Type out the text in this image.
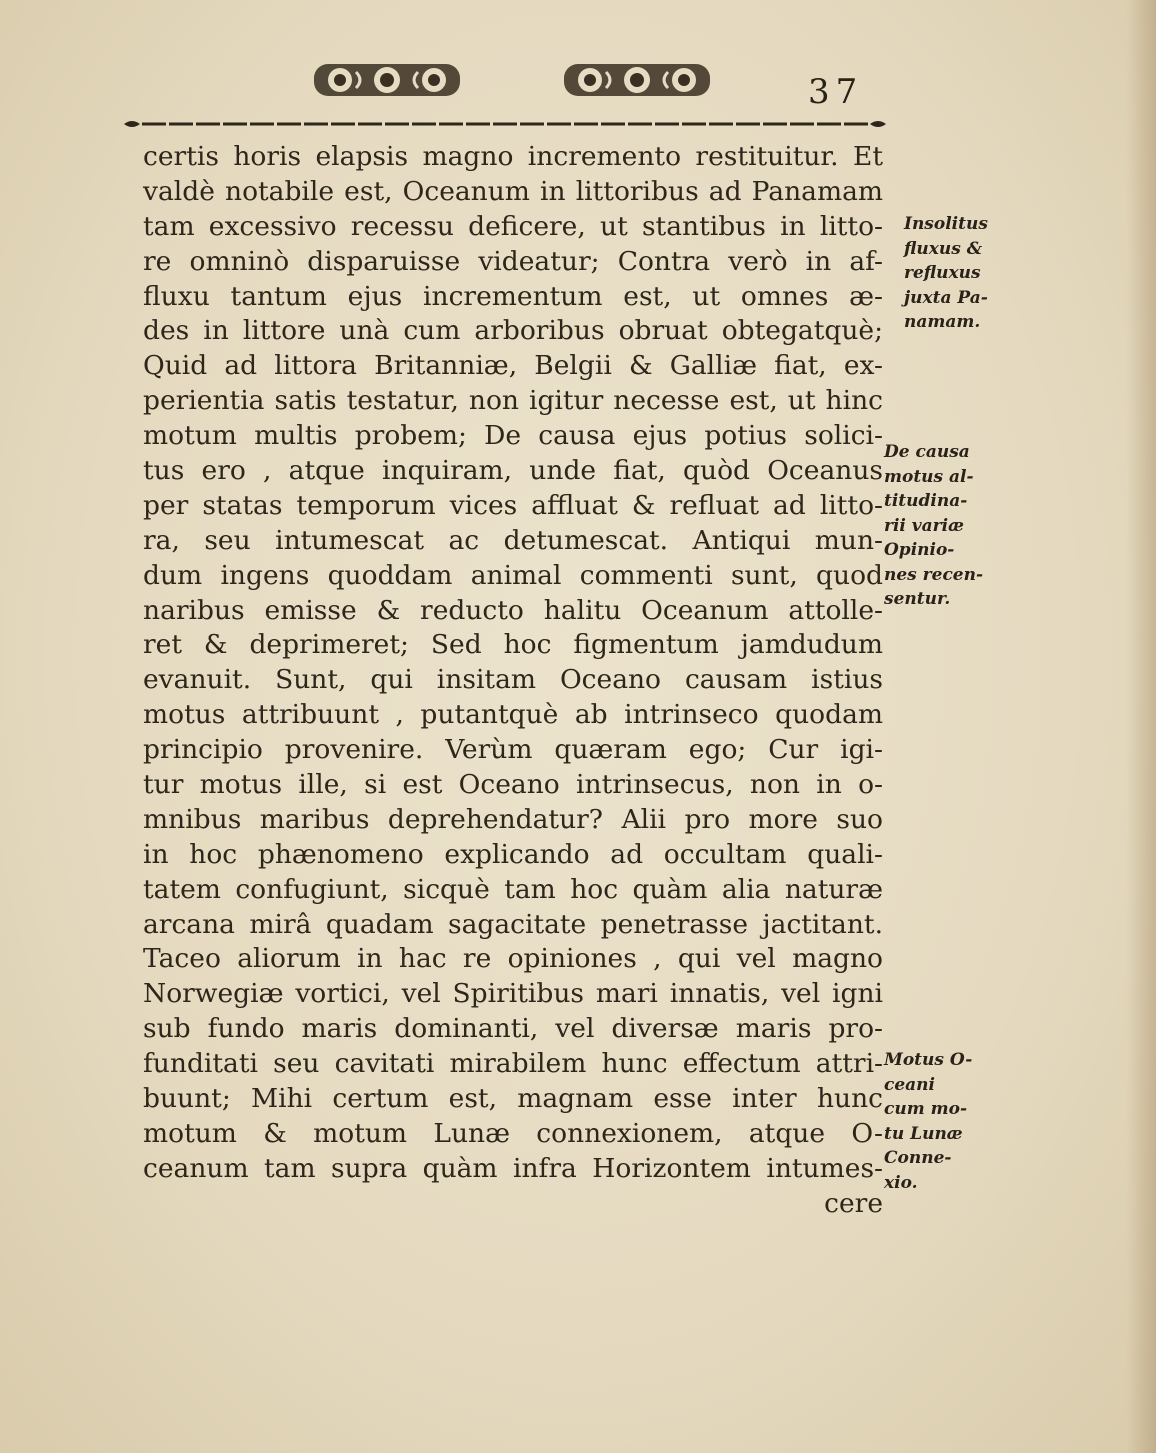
37
certis horis elapsis magno incremento restituitur. Et
valdè notabile est, Oceanum in littoribus ad Panamam
tam excessivo recessu deficere, ut stantibus in litto-
re omninò disparuisse videatur; Contra verò in af-
fluxu tantum ejus incrementum est, ut omnes æ-
des in littore unà cum arboribus obruat obtegatquè;
Quid ad littora Britanniæ, Belgii & Galliæ fiat, ex-
perientia satis testatur, non igitur necesse est, ut hinc
motum multis probem; De causa ejus potius solici-
tus ero , atque inquiram, unde fiat, quòd Oceanus
per statas temporum vices affluat & refluat ad litto-
ra, seu intumescat ac detumescat. Antiqui mun-
dum ingens quoddam animal commenti sunt, quod
naribus emisse & reducto halitu Oceanum attolle-
ret & deprimeret; Sed hoc figmentum jamdudum
evanuit. Sunt, qui insitam Oceano causam istius
motus attribuunt , putantquè ab intrinseco quodam
principio provenire. Verùm quæram ego; Cur igi-
tur motus ille, si est Oceano intrinsecus, non in o-
mnibus maribus deprehendatur? Alii pro more suo
in hoc phænomeno explicando ad occultam quali-
tatem confugiunt, sicquè tam hoc quàm alia naturæ
arcana mirâ quadam sagacitate penetrasse jactitant.
Taceo aliorum in hac re opiniones , qui vel magno
Norwegiæ vortici, vel Spiritibus mari innatis, vel igni
sub fundo maris dominanti, vel diversæ maris pro-
funditati seu cavitati mirabilem hunc effectum attri-
buunt; Mihi certum est, magnam esse inter hunc
motum & motum Lunæ connexionem, atque O-
ceanum tam supra quàm infra Horizontem intumes-
cere
Insolitus
fluxus &
refluxus
juxta Pa-
namam.
De causa
motus al-
titudina-
rii variæ
Opinio-
nes recen-
sentur.
Motus O-
ceani
cum mo-
tu Lunæ
Conne-
xio.
